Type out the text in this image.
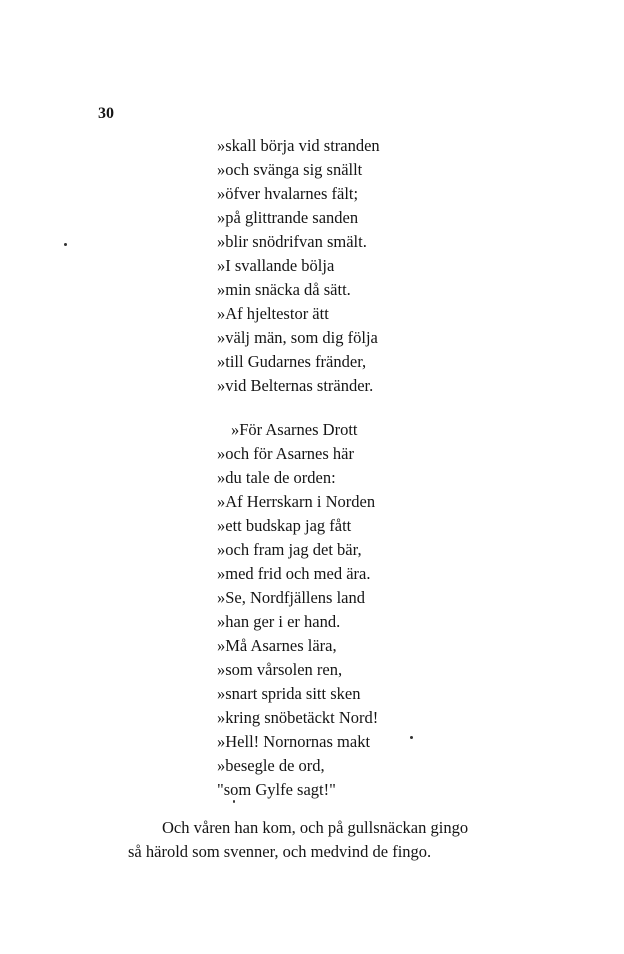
30
»skall börja vid stranden
»och svänga sig snällt
»öfver hvalarnes fält;
»på glittrande sanden
»blir snödrifvan smält.
»I svallande bölja
»min snäcka då sätt.
»Af hjeltestor ätt
»välj män, som dig följa
»till Gudarnes fränder,
»vid Belternas stränder.
»För Asarnes Drott
»och för Asarnes här
»du tale de orden:
»Af Herrskarn i Norden
»ett budskap jag fått
»och fram jag det bär,
»med frid och med ära.
»Se, Nordfjällens land
»han ger i er hand.
»Må Asarnes lära,
»som vårsolen ren,
»snart sprida sitt sken
»kring snöbetäckt Nord!
»Hell! Nornornas makt
»besegle de ord,
"som Gylfe sagt!"
Och våren han kom, och på gullsnäckan gingo
så härold som svenner, och medvind de fingo.
